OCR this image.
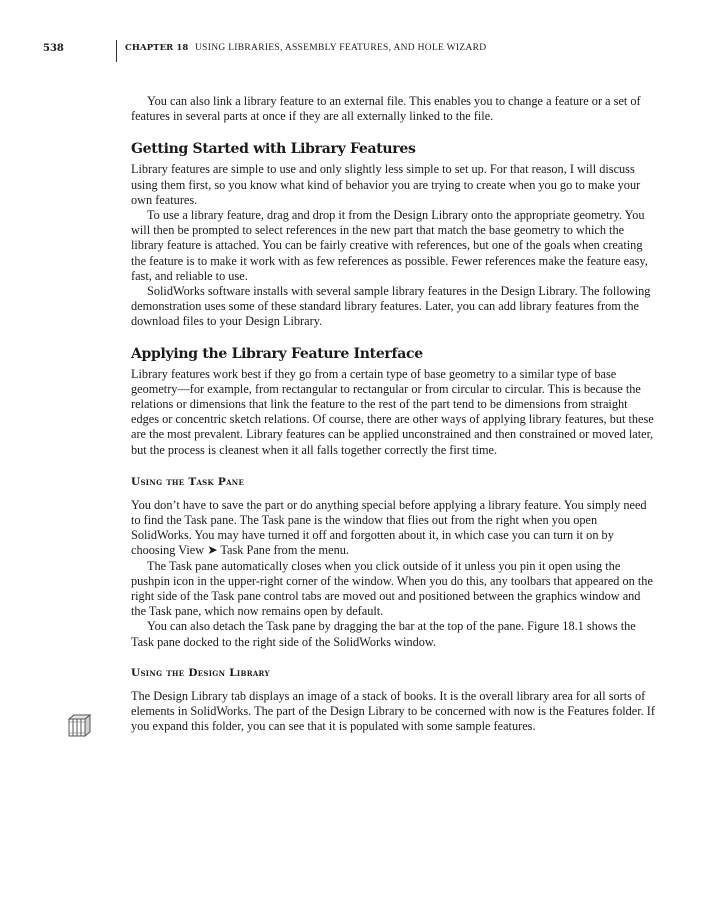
538	CHAPTER 18 USING LIBRARIES, ASSEMBLY FEATURES, AND HOLE WIZARD

You can also link a library feature to an external file. This enables you to change a feature or a set of features in several parts at once if they are all externally linked to the file.

Getting Started with Library Features

Library features are simple to use and only slightly less simple to set up. For that reason, I will discuss using them first, so you know what kind of behavior you are trying to create when you go to make your own features.

To use a library feature, drag and drop it from the Design Library onto the appropriate geometry. You will then be prompted to select references in the new part that match the base geometry to which the library feature is attached. You can be fairly creative with references, but one of the goals when creating the feature is to make it work with as few references as possible. Fewer references make the feature easy, fast, and reliable to use.

SolidWorks software installs with several sample library features in the Design Library. The following demonstration uses some of these standard library features. Later, you can add library features from the download files to your Design Library.

Applying the Library Feature Interface

Library features work best if they go from a certain type of base geometry to a similar type of base geometry—for example, from rectangular to rectangular or from circular to circular. This is because the relations or dimensions that link the feature to the rest of the part tend to be dimensions from straight edges or concentric sketch relations. Of course, there are other ways of applying library features, but these are the most prevalent. Library features can be applied unconstrained and then constrained or moved later, but the process is cleanest when it all falls together correctly the first time.

Using the Task Pane

You don’t have to save the part or do anything special before applying a library feature. You simply need to find the Task pane. The Task pane is the window that flies out from the right when you open SolidWorks. You may have turned it off and forgotten about it, in which case you can turn it on by choosing View ➤ Task Pane from the menu.

The Task pane automatically closes when you click outside of it unless you pin it open using the pushpin icon in the upper-right corner of the window. When you do this, any toolbars that appeared on the right side of the Task pane control tabs are moved out and positioned between the graphics window and the Task pane, which now remains open by default.

You can also detach the Task pane by dragging the bar at the top of the pane. Figure 18.1 shows the Task pane docked to the right side of the SolidWorks window.

Using the Design Library

The Design Library tab displays an image of a stack of books. It is the overall library area for all sorts of elements in SolidWorks. The part of the Design Library to be concerned with now is the Features folder. If you expand this folder, you can see that it is populated with some sample features.
